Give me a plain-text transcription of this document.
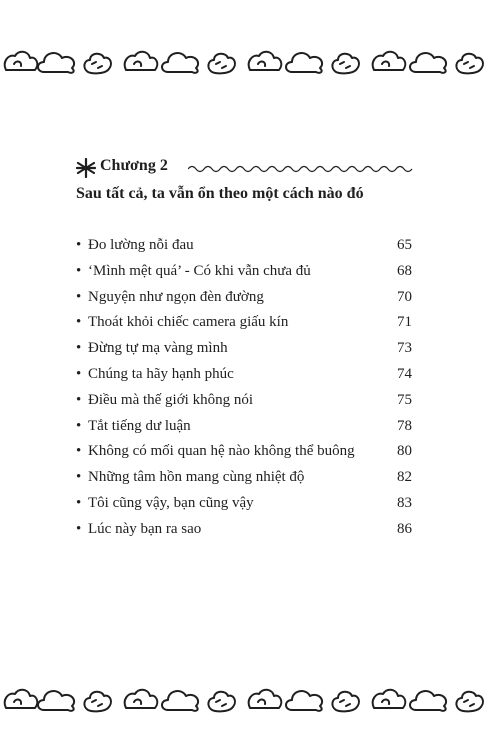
Chương 2
Sau tất cả, ta vẫn ổn theo một cách nào đó
• Đo lường nỗi đau	65
• ‘Mình mệt quá’ - Có khi vẫn chưa đủ	68
• Nguyện như ngọn đèn đường	70
• Thoát khỏi chiếc camera giấu kín	71
• Đừng tự mạ vàng mình	73
• Chúng ta hãy hạnh phúc	74
• Điều mà thế giới không nói	75
• Tắt tiếng dư luận	78
• Không có mối quan hệ nào không thể buông	80
• Những tâm hồn mang cùng nhiệt độ	82
• Tôi cũng vậy, bạn cũng vậy	83
• Lúc này bạn ra sao	86
